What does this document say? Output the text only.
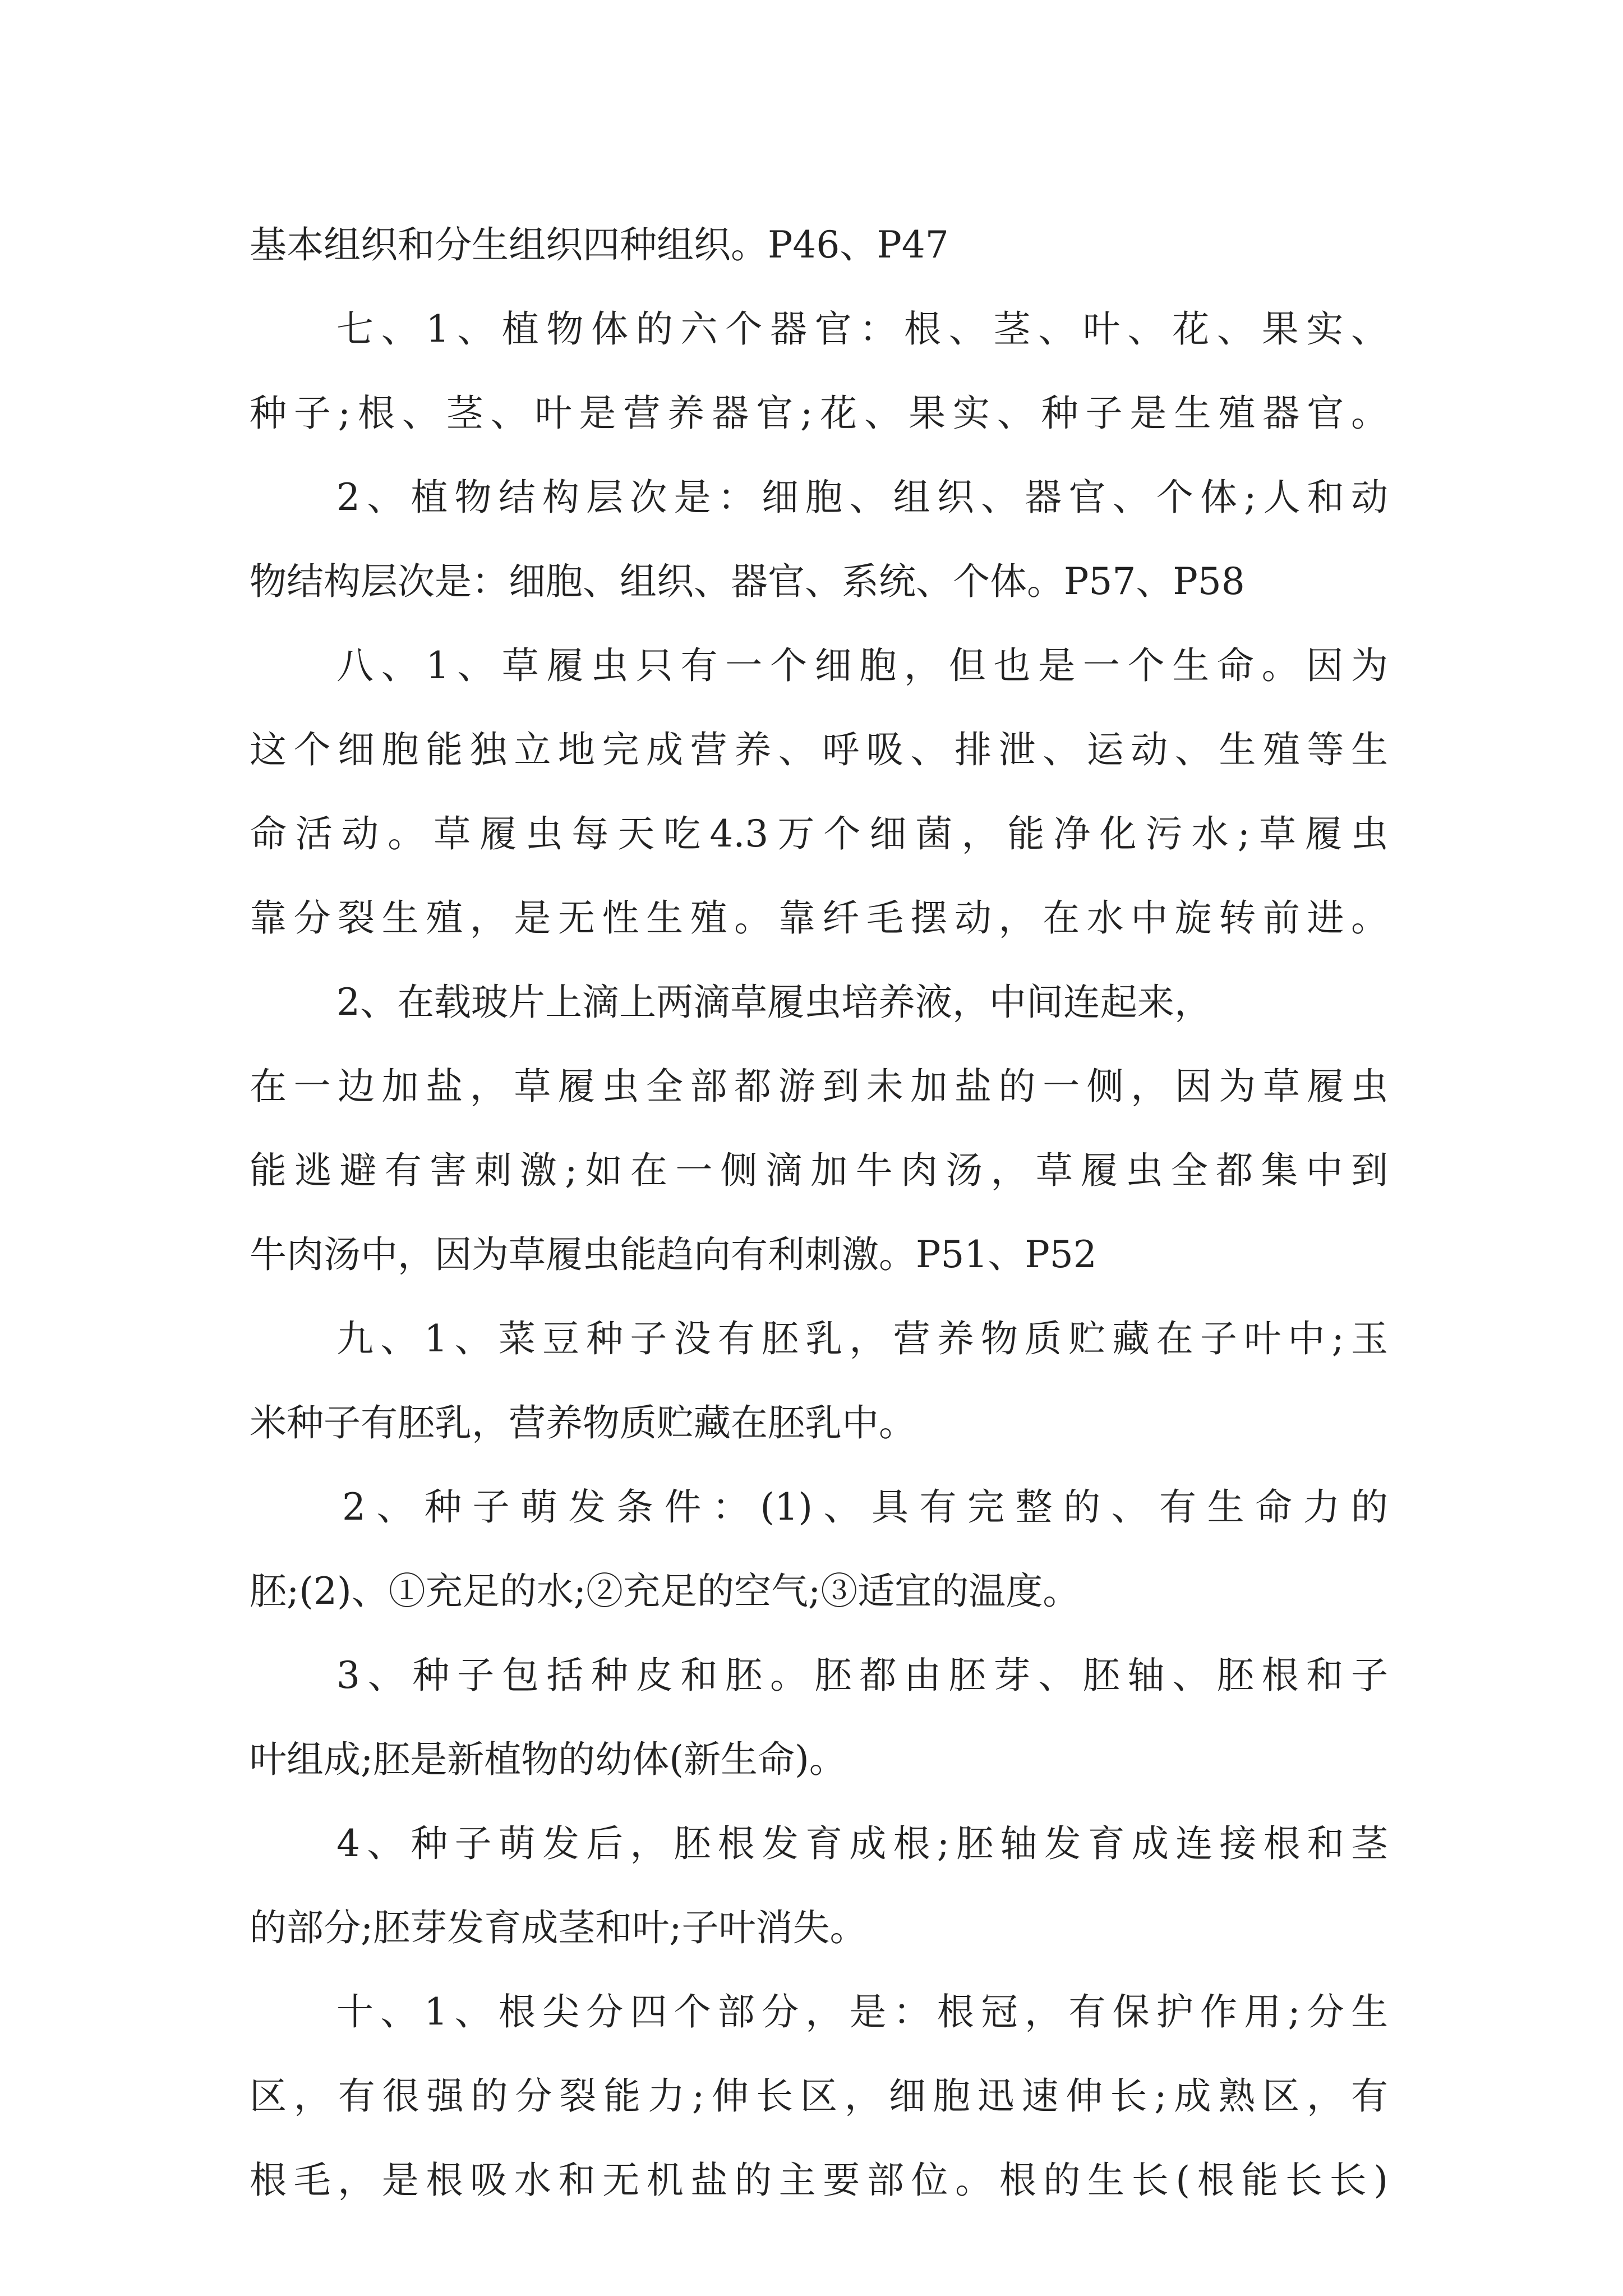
基本组织和分生组织四种组织。P46、P47

七、1、植物体的六个器官：根、茎、叶、花、果实、

种子;根、茎、叶是营养器官;花、果实、种子是生殖器官。

2、植物结构层次是：细胞、组织、器官、个体;人和动

物结构层次是：细胞、组织、器官、系统、个体。P57、P58

八、1、草履虫只有一个细胞，但也是一个生命。因为

这个细胞能独立地完成营养、呼吸、排泄、运动、生殖等生

命活动。草履虫每天吃4.3万个细菌，能净化污水;草履虫

靠分裂生殖，是无性生殖。靠纤毛摆动，在水中旋转前进。

2、在载玻片上滴上两滴草履虫培养液，中间连起来，

在一边加盐，草履虫全部都游到未加盐的一侧，因为草履虫

能逃避有害刺激;如在一侧滴加牛肉汤，草履虫全都集中到

牛肉汤中，因为草履虫能趋向有利刺激。P51、P52

九、1、菜豆种子没有胚乳，营养物质贮藏在子叶中;玉

米种子有胚乳，营养物质贮藏在胚乳中。

2、种子萌发条件：(1)、具有完整的、有生命力的

胚;(2)、①充足的水;②充足的空气;③适宜的温度。

3、种子包括种皮和胚。胚都由胚芽、胚轴、胚根和子

叶组成;胚是新植物的幼体(新生命)。

4、种子萌发后，胚根发育成根;胚轴发育成连接根和茎

的部分;胚芽发育成茎和叶;子叶消失。

十、1、根尖分四个部分，是：根冠，有保护作用;分生

区，有很强的分裂能力;伸长区，细胞迅速伸长;成熟区，有

根毛，是根吸水和无机盐的主要部位。根的生长(根能长长)
